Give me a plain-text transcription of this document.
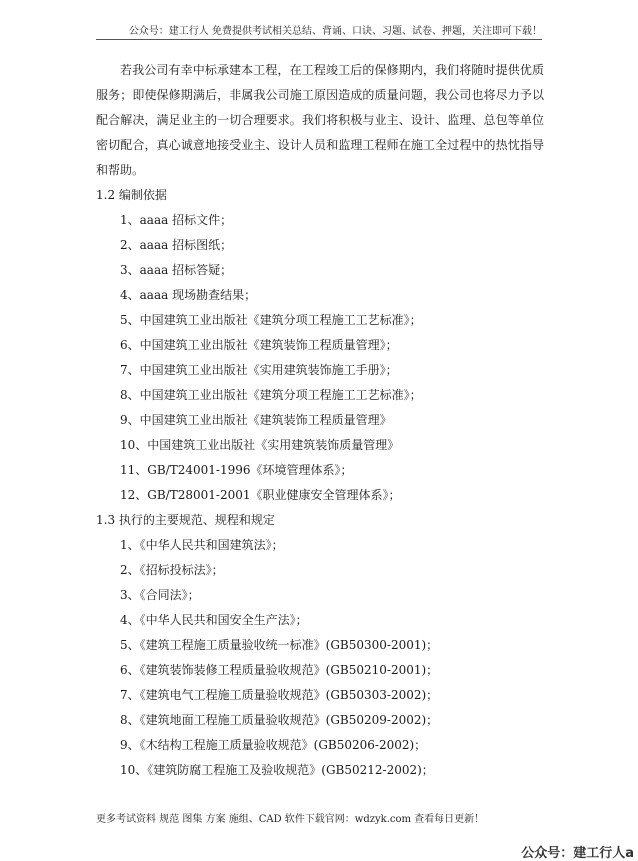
公众号：建工行人 免费提供考试相关总结、背诵、口诀、习题、试卷、押题，关注即可下载！

若我公司有幸中标承建本工程，在工程竣工后的保修期内，我们将随时提供优质服务；即使保修期满后，非属我公司施工原因造成的质量问题，我公司也将尽力予以配合解决，满足业主的一切合理要求。我们将积极与业主、设计、监理、总包等单位密切配合，真心诚意地接受业主、设计人员和监理工程师在施工全过程中的热忱指导和帮助。

1.2 编制依据
1、aaaa 招标文件；
2、aaaa 招标图纸；
3、aaaa 招标答疑；
4、aaaa 现场勘查结果；
5、中国建筑工业出版社《建筑分项工程施工工艺标准》；
6、中国建筑工业出版社《建筑装饰工程质量管理》；
7、中国建筑工业出版社《实用建筑装饰施工手册》；
8、中国建筑工业出版社《建筑分项工程施工工艺标准》；
9、中国建筑工业出版社《建筑装饰工程质量管理》
10、中国建筑工业出版社《实用建筑装饰质量管理》
11、GB/T24001-1996《环境管理体系》；
12、GB/T28001-2001《职业健康安全管理体系》；
1.3 执行的主要规范、规程和规定
1、《中华人民共和国建筑法》；
2、《招标投标法》；
3、《合同法》；
4、《中华人民共和国安全生产法》；
5、《建筑工程施工质量验收统一标准》(GB50300-2001)；
6、《建筑装饰装修工程质量验收规范》(GB50210-2001)；
7、《建筑电气工程施工质量验收规范》(GB50303-2002)；
8、《建筑地面工程施工质量验收规范》(GB50209-2002)；
9、《木结构工程施工质量验收规范》(GB50206-2002)；
10、《建筑防腐工程施工及验收规范》(GB50212-2002)；
更多考试资料 规范 图集 方案 施组、CAD 软件下载官网：wdzyk.com 查看每日更新！
公众号：建工行人a
